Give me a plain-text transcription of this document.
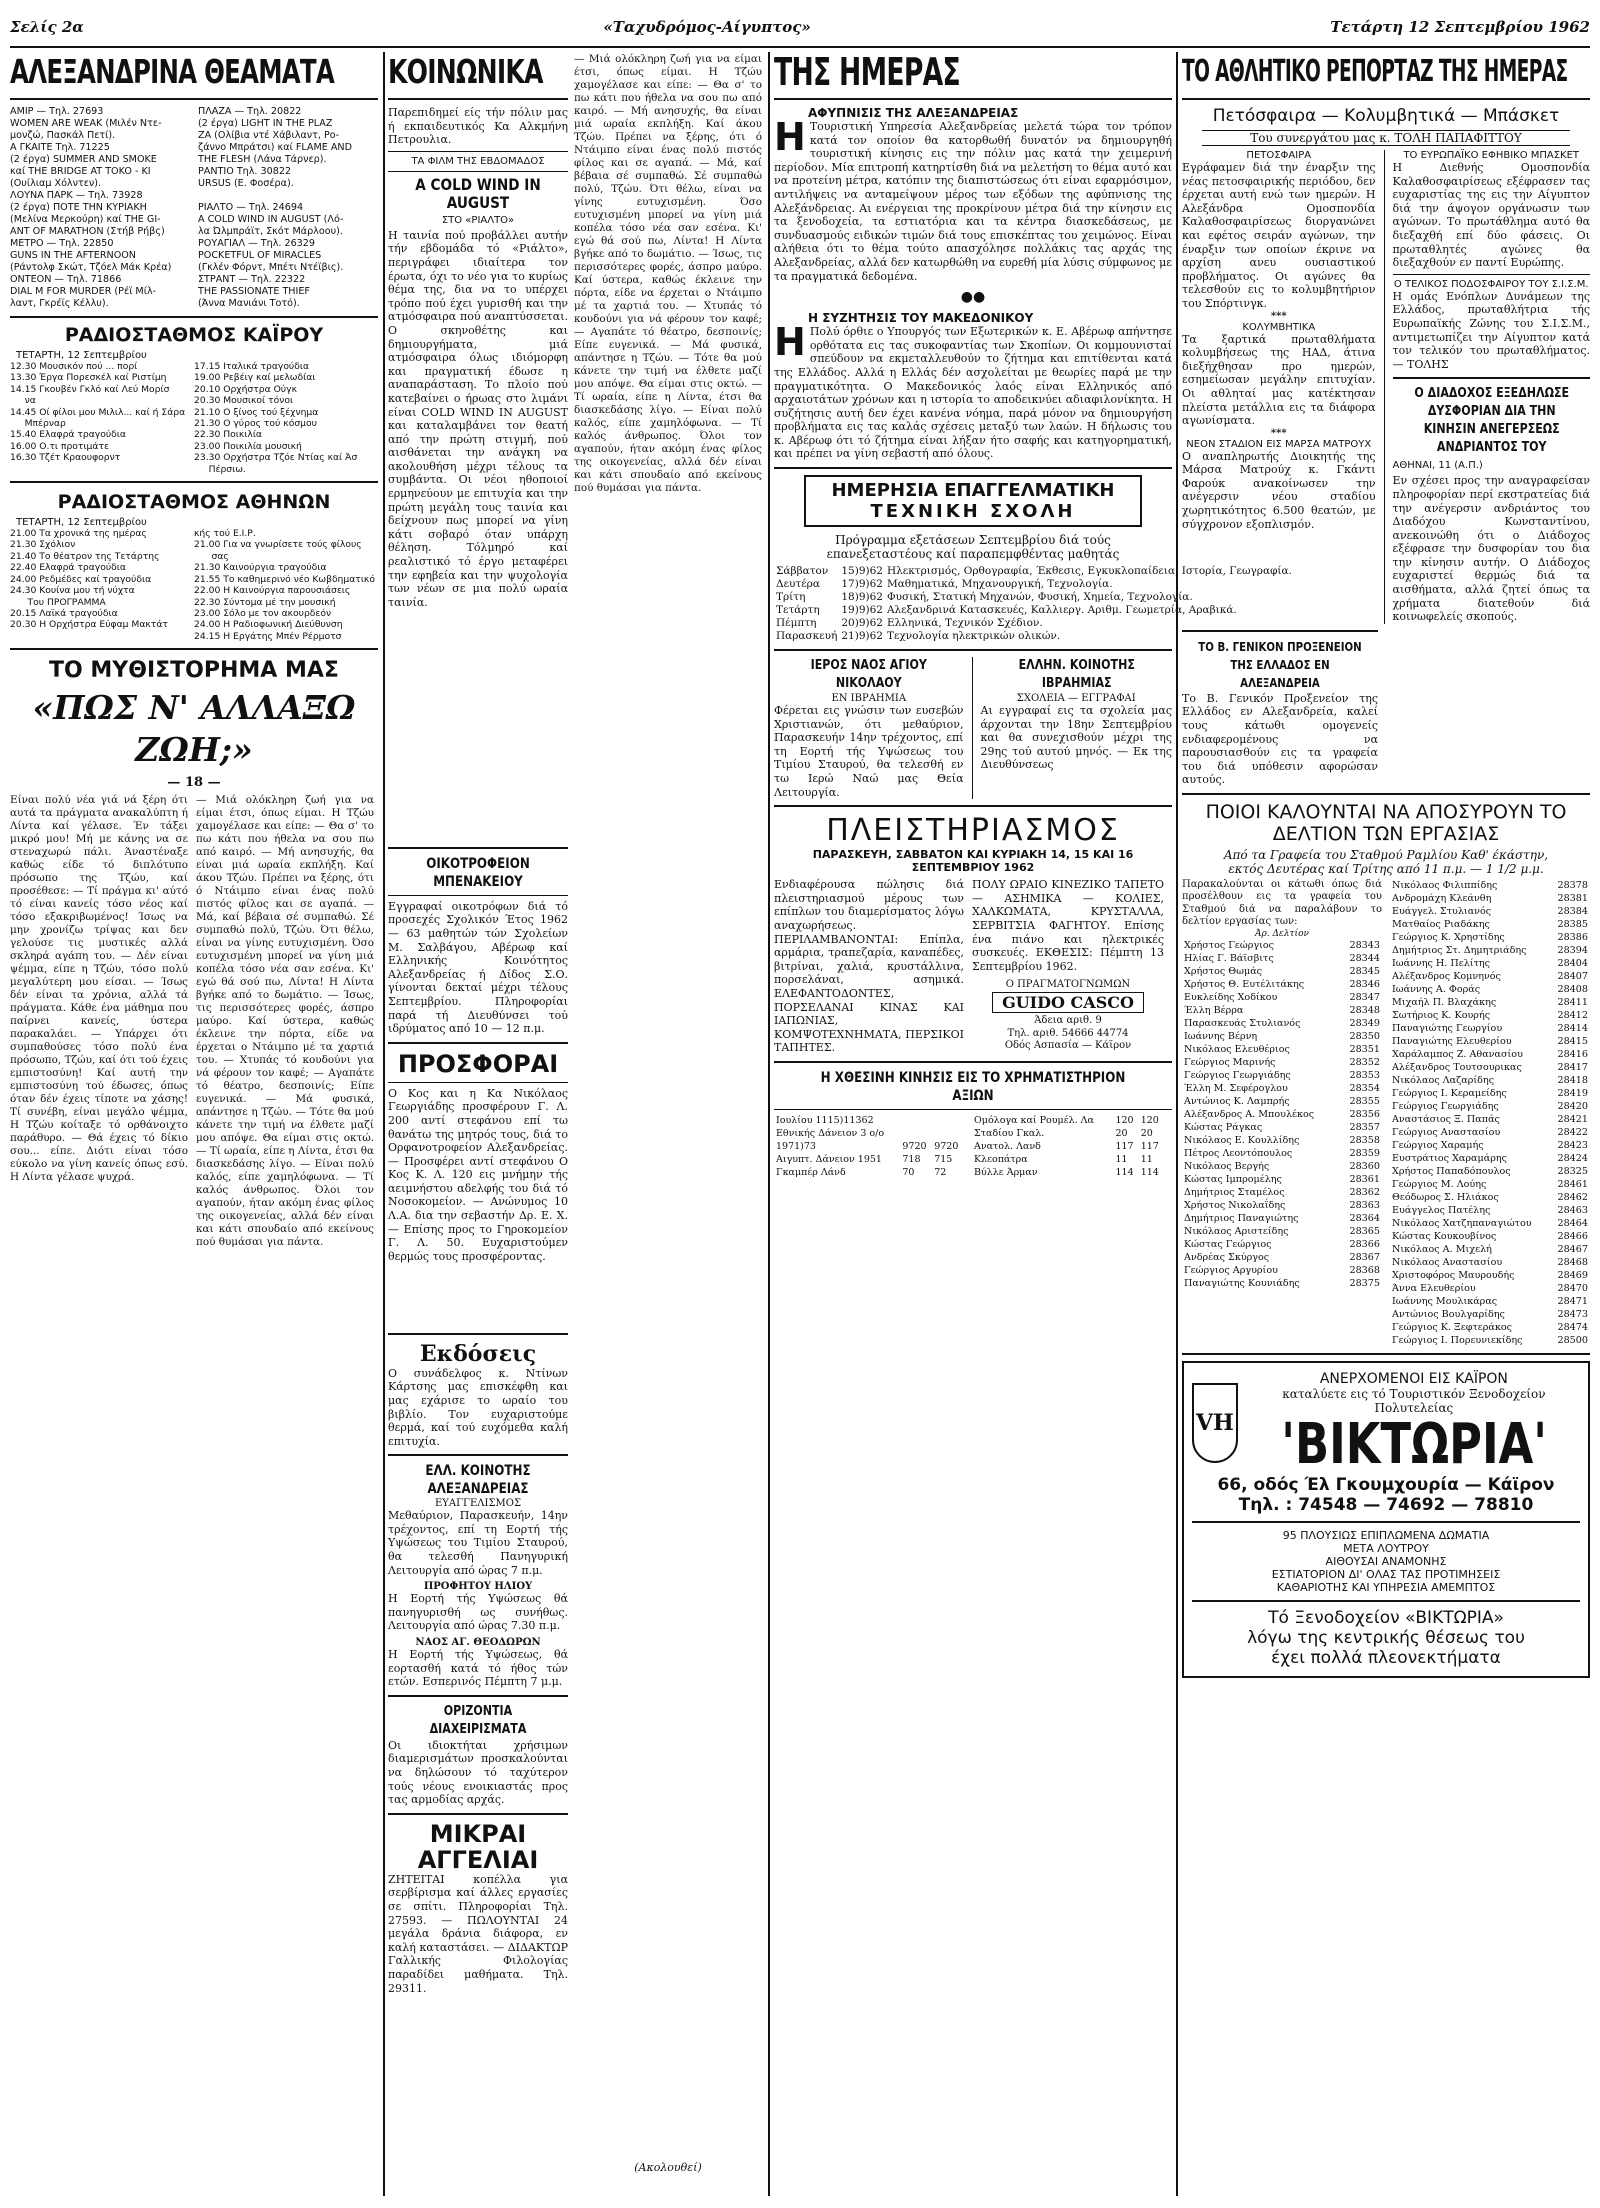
Σελίς 2α	«Ταχυδρόμος-Αίγυπτος»	Τετάρτη 12 Σεπτεμβρίου 1962
ΑΛΕΞΑΝΔΡΙΝΑ ΘΕΑΜΑΤΑ
ΑΜΙΡ — Τηλ. 27693
WOMEN ARE WEAK (Μιλέν Ντε-
μονζώ, Πασκάλ Πετί).
Α ΓΚΑΙΤΕ Τηλ. 71225
(2 έργα) SUMMER AND SMOKE
καί THE BRIDGE AT TOKO - ΚΙ
(Ουίλιαμ Χόλντεν).
ΛΟΥΝΑ ΠΑΡΚ — Τηλ. 73928
(2 έργα) ΠΟΤΕ ΤΗΝ ΚΥΡΙΑΚΗ
(Μελίνα Μερκούρη) καί THE GI-
ANT OF MARATHON (Στήβ Ρήβς)
ΜΕΤΡΟ — Τηλ. 22850
GUNS IN THE AFTERNOON
(Ράντολφ Σκώτ, Τζόελ Μάκ Κρέα)
ΟΝΤΕΟΝ — Τηλ. 71866
DIAL M FOR MURDER (Ρέϊ Μίλ-
λαντ, Γκρέϊς Κέλλυ).
ΠΛΑΖΑ — Τηλ. 20822
(2 έργα) LIGHT IN THE PLAZ
ΖΑ (Ολίβια ντέ Χάβιλαντ, Ρο-
ζάννο Μπράτσι) καί FLAME AND
THE FLESH (Λάνα Τάρνερ).
ΡΑΝΤΙΟ Τηλ. 30822
URSUS (Ε. Φοσέρα).

ΡΙΑΛΤΟ — Τηλ. 24694
A COLD WIND IN AUGUST (Λό-
λα Ώλμπράϊτ, Σκότ Μάρλοου).
ΡΟΥΑΓΙΑΛ — Τηλ. 26329
POCKETFUL OF MIRACLES
(Γκλέν Φόρντ, Μπέτι Ντέϊβις).
ΣΤΡΑΝΤ — Τηλ. 22322
THE PASSIONATE THIEF
(Άννα Μανιάνι Τοτό).
ΡΑΔΙΟΣΤΑΘΜΟΣ ΚΑΪΡΟΥ
ΤΕΤΑΡΤΗ, 12 Σεπτεμβρίου
12.30 Μουσικόν πού ... πορί
13.30 Έργα Πορεσκέλ καί Ριστίμη
14.15 Γκουβέν Γκλό καί Λεύ Μορίσ
να
14.45 Οί φίλοι μου Μιλιλ... καί ή Σάρα
Μπέρναρ
15.40 Ελαφρά τραγούδια
16.00 Ο.τι προτιμάτε
16.30 Τζέτ Κραουφορντ
17.15 Ιταλικά τραγούδια
19.00 Ρεβέιγ καί μελωδίαι
20.10 Ορχήστρα Ούγκ
20.30 Μουσικοί τόνοι
21.10 Ο ξίνος τού ξέχνημα
21.30 Ο γύρος τού κόσμου
22.30 Ποικιλία
23.00 Ποικιλία μουσική
23.30 Ορχήστρα Τζόε Ντίας καί Άσ
Πέρσιω.
ΡΑΔΙΟΣΤΑΘΜΟΣ ΑΘΗΝΩΝ
ΤΕΤΑΡΤΗ, 12 Σεπτεμβρίου
21.00 Τα χρονικά της ημέρας
21.30 Σχόλιον
21.40 Το θέατρον της Τετάρτης
22.40 Ελαφρά τραγούδια
24.00 Ρεδμέδες καί τραγούδια
24.30 Κουίνα μου τή νύχτα
Του ΠΡΟΓΡΑΜΜΑ
20.15 Λαϊκά τραγούδια
20.30 Η Ορχήστρα Εύφαμ Μακτάτ
κής τού Ε.Ι.Ρ.
21.00 Για να γνωρίσετε τούς φίλους
σας
21.30 Καινούργια τραγούδια
21.55 Το καθημερινό νέο Κωβδηματικό
22.00 Η Καινούργια παρουσιάσεις
22.30 Σύντομα μέ την μουσική
23.00 Σόλο με τον ακουρδεόν
24.00 Η Ραδιοφωνική Διεύθυνση
24.15 Η Εργάτης Μπέν Ρέρμοτσ
ΤΟ ΜΥΘΙΣΤΟΡΗΜΑ ΜΑΣ
«ΠΩΣ Ν' ΑΛΛΑΞΩ ΖΩΗ;»
— 18 —
Είναι πολύ νέα γιά νά ξέρη ότι αυτά τα πράγματα ανακαλύπτη ή Λίντα καί γέλασε. Έν τάξει μικρό μου! Μή με κάνης να σε στεναχωρώ πάλι. Άναστέναξε καθώς είδε τό διπλότυπο πρόσωπο της Τζώυ, καί προσέθεσε: — Τί πράγμα κι' αύτό τό είναι κανείς τόσο νέος καί τόσο εξακριβωμένος! Ίσως να μην χρονίζω τρίψας και δεν γελούσε τις μυστικές αλλά σκληρά αγάπη του. — Δέν είναι ψέμμα, είπε η Τζώυ, τόσο πολύ μεγαλύτερη μου είσαι. — Ίσως δέν είναι τα χρόνια, αλλά τά πράγματα. Κάθε ένα μάθημα που παίρνει κανείς, ύστερα παρακαλάει. — Υπάρχει ότι συμπαθούσες τόσο πολύ ένα πρόσωπο, Τζώυ, καί ότι τού έχεις εμπιστοσύνη! Καί αυτή την εμπιστοσύνη τού έδωσες, όπως όταν δέν έχεις τίποτε να χάσης! Τί συνέβη, είναι μεγάλο ψέμμα, Η Τζώυ κοίταξε τό ορθάνοιχτο παράθυρο. — Θά έχεις τό δίκιο σου... είπε. Διότι είναι τόσο εύκολο να γίνη κανείς όπως εσύ. Η Λίντα γέλασε ψυχρά.
— Μιά ολόκληρη ζωή για να είμαι έτσι, όπως είμαι. Η Τζώυ χαμογέλασε και είπε: — Θα σ' το πω κάτι που ήθελα να σου πω από καιρό. — Μή ανησυχής, θα είναι μιά ωραία εκπλήξη. Καί άκου Τζώυ. Πρέπει να ξέρης, ότι ό Ντάιμπο είναι ένας πολύ πιστός φίλος και σε αγαπά. — Μά, καί βέβαια σέ συμπαθώ. Σέ συμπαθώ πολύ, Τζώυ. Ότι θέλω, είναι να γίνης ευτυχισμένη. Όσο ευτυχισμένη μπορεί να γίνη μιά κοπέλα τόσο νέα σαν εσένα. Κι' εγώ θά σού πω, Λίντα! Η Λίντα βγήκε από το δωμάτιο. — Ίσως, τις περισσότερες φορές, άσπρο μαύρο. Καί ύστερα, καθώς έκλεινε την πόρτα, είδε να έρχεται ο Ντάιμπο μέ τα χαρτιά του. — Χτυπάς τό κουδούνι για νά φέρουν τον καφέ; — Αγαπάτε τό θέατρο, δεσποινίς; Είπε ευγενικά. — Μά φυσικά, απάντησε η Τζώυ. — Τότε θα μού κάνετε την τιμή να έλθετε μαζί μου απόψε. Θα είμαι στις οκτώ. — Τί ωραία, είπε η Λίντα, έτσι θα διασκεδάσης λίγο. — Είναι πολύ καλός, είπε χαμηλόφωνα. — Τί καλός άνθρωπος. Όλοι τον αγαπούν, ήταν ακόμη ένας φίλος της οικογενείας, αλλά δέν είναι και κάτι σπουδαίο από εκείνους πού θυμάσαι για πάντα.
ΚΟΙΝΩΝΙΚΑ
Παρεπιδημεί είς τήν πόλιν μας ή εκπαιδευτικός Κα Αλκμήνη Πετρουλια.
ΤΑ ΦΙΛΜ ΤΗΣ ΕΒΔΟΜΑΔΟΣ
A COLD WIND IN AUGUST
ΣΤΟ «ΡΙΑΛΤΟ»
Η ταινία πού προβάλλει αυτήν τήν εβδομάδα τό «Ριάλτο», περιγράφει ιδιαίτερα τον έρωτα, όχι το νέο για το κυρίως θέμα της, δια να το υπέρχει τρόπο πού έχει γυρισθή και την ατμόσφαιρα πού αναπτύσσεται. Ο σκηνοθέτης και δημιουργήματα, μιά ατμόσφαιρα όλως ιδιόμορφη και πραγματική έδωσε η αναπαράσταση. Το πλοίο πού κατεβαίνει ο ήρωας στο λιμάνι είναι COLD WIND IN AUGUST και καταλαμβάνει τον θεατή από την πρώτη στιγμή, πού αισθάνεται την ανάγκη να ακολουθήση μέχρι τέλους τα συμβάντα. Οι νέοι ηθοποιοί ερμηνεύουν με επιτυχία και την πρώτη μεγάλη τους ταινία και δείχνουν πως μπορεί να γίνη κάτι σοβαρό όταν υπάρχη θέληση. Τόλμηρό καί ρεαλιστικό τό έργο μεταφέρει την εφηβεία και την ψυχολογία των νέων σε μια πολύ ωραία ταινία.
ΟΙΚΟΤΡΟΦΕΙΟΝ ΜΠΕΝΑΚΕΙΟΥ
Εγγραφαί οικοτρόφων διά τό προσεχές Σχολικόν Έτος 1962 — 63 μαθητών τών Σχολείων Μ. Σαλβάγου, Αβέρωφ καί Ελληνικής Κοινότητος Αλεξανδρείας ή Δίδος Σ.Ο. γίνονται δεκταί μέχρι τέλους Σεπτεμβρίου. Πληροφορίαι παρά τή Διευθύνσει τού ιδρύματος από 10 — 12 π.μ.
ΠΡΟΣΦΟΡΑΙ
Ο Κος και η Κα Νικόλαος Γεωργιάδης προσφέρουν Γ. Λ. 200 αντί στεφάνου επί τω θανάτω της μητρός τους, διά το Ορφανοτροφείον Αλεξανδρείας. — Προσφέρει αντί στεφάνου Ο Κος Κ. Λ. 120 εις μνήμην τής αειμνήστου αδελφής του διά τό Νοσοκομείον. — Ανώνυμος 10 Λ.Α. δια την σεβαστήν Δρ. Ε. Χ. — Επίσης προς το Γηροκομείον Γ. Λ. 50. Ευχαριστούμεν θερμώς τους προσφέροντας.
Εκδόσεις
Ο συνάδελφος κ. Ντίνων Κάρτσης μας επισκέφθη και μας εχάρισε το ωραίο του βιβλίο. Τον ευχαριστούμε θερμά, καί τού ευχόμεθα καλή επιτυχία.
ΕΛΛ. ΚΟΙΝΟΤΗΣ ΑΛΕΞΑΝΔΡΕΙΑΣ
ΕΥΑΓΓΕΛΙΣΜΟΣ
Μεθαύριον, Παρασκευήν, 14ην τρέχοντος, επί τη Εορτή τής Υψώσεως του Τιμίου Σταυρού, θα τελεσθή Πανηγυρική Λειτουργία από ώρας 7 π.μ.
ΠΡΟΦΗΤΟΥ ΗΛΙΟΥ
Η Εορτή τής Υψώσεως θά πανηγυρισθή ως συνήθως. Λειτουργία από ώρας 7.30 π.μ.
ΝΑΟΣ ΑΓ. ΘΕΟΔΩΡΩΝ
Η Εορτή τής Υψώσεως, θά εορτασθή κατά τό ήθος τών ετών. Εσπερινός Πέμπτη 7 μ.μ.
ΟΡΙΖΟΝΤΙΑ ΔΙΑΧΕΙΡΙΣΜΑΤΑ
Οι ιδιοκτήται χρήσιμων διαμερισμάτων προσκαλούνται να δηλώσουν τό ταχύτερον τούς νέους ενοικιαστάς προς τας αρμοδίας αρχάς.
ΜΙΚΡΑΙ ΑΓΓΕΛΙΑΙ
ΖΗΤΕΙΤΑΙ κοπέλλα για σερβίρισμα καί άλλες εργασίες σε σπίτι. Πληροφορίαι Τηλ. 27593. — ΠΩΛΟΥΝΤΑΙ 24 μεγάλα δράνια διάφορα, εν καλή καταστάσει. — ΔΙΔΑΚΤΩΡ Γαλλικής Φιλολογίας παραδίδει μαθήματα. Τηλ. 29311.
— Μιά ολόκληρη ζωή για να είμαι έτσι, όπως είμαι. Η Τζώυ χαμογέλασε και είπε: — Θα σ' το πω κάτι που ήθελα να σου πω από καιρό. — Μή ανησυχής, θα είναι μιά ωραία εκπλήξη. Καί άκου Τζώυ. Πρέπει να ξέρης, ότι ό Ντάιμπο είναι ένας πολύ πιστός φίλος και σε αγαπά. — Μά, καί βέβαια σέ συμπαθώ. Σέ συμπαθώ πολύ, Τζώυ. Ότι θέλω, είναι να γίνης ευτυχισμένη. Όσο ευτυχισμένη μπορεί να γίνη μιά κοπέλα τόσο νέα σαν εσένα. Κι' εγώ θά σού πω, Λίντα! Η Λίντα βγήκε από το δωμάτιο. — Ίσως, τις περισσότερες φορές, άσπρο μαύρο. Καί ύστερα, καθώς έκλεινε την πόρτα, είδε να έρχεται ο Ντάιμπο μέ τα χαρτιά του. — Χτυπάς τό κουδούνι για νά φέρουν τον καφέ; — Αγαπάτε τό θέατρο, δεσποινίς; Είπε ευγενικά. — Μά φυσικά, απάντησε η Τζώυ. — Τότε θα μού κάνετε την τιμή να έλθετε μαζί μου απόψε. Θα είμαι στις οκτώ. — Τί ωραία, είπε η Λίντα, έτσι θα διασκεδάσης λίγο. — Είναι πολύ καλός, είπε χαμηλόφωνα. — Τί καλός άνθρωπος. Όλοι τον αγαπούν, ήταν ακόμη ένας φίλος της οικογενείας, αλλά δέν είναι και κάτι σπουδαίο από εκείνους πού θυμάσαι για πάντα.
(Ακολουθεί)
ΤΗΣ ΗΜΕΡΑΣ
ΑΦΥΠΝΙΣΙΣ ΤΗΣ ΑΛΕΞΑΝΔΡΕΙΑΣ
Η Τουριστική Υπηρεσία Αλεξανδρείας μελετά τώρα τον τρόπον κατά τον οποίον θα κατορθωθή δυνατόν να δημιουργηθή τουριστική κίνησις εις την πόλιν μας κατά την χειμερινή περίοδον. Μία επιτροπή κατηρτίσθη διά να μελετήση το θέμα αυτό και να προτείνη μέτρα, κατόπιν της διαπιστώσεως ότι είναι εφαρμόσιμον, αντιλήψεις να ανταμείψουν μέρος των εξόδων της αφύπνισης της Αλεξάνδρειας. Αι ενέργειαι της προκρίνουν μέτρα διά την κίνησιν εις τα ξενοδοχεία, τα εστιατόρια και τα κέντρα διασκεδάσεως, με συνδυασμούς ειδικών τιμών διά τους επισκέπτας του χειμώνος. Είναι αλήθεια ότι το θέμα τούτο απασχόλησε πολλάκις τας αρχάς της Αλεξανδρείας, αλλά δεν κατωρθώθη να ευρεθή μία λύσις σύμφωνος με τα πραγματικά δεδομένα.
●●
Η ΣΥΖΗΤΗΣΙΣ ΤΟΥ ΜΑΚΕΔΟΝΙΚΟΥ
Η Πολύ όρθιε ο Υπουργός των Εξωτερικών κ. Ε. Αβέρωφ απήντησε ορθότατα εις τας συκοφαντίας των Σκοπίων. Οι κομμουνισταί σπεύδουν να εκμεταλλευθούν το ζήτημα και επιτίθενται κατά της Ελλάδος. Αλλά η Ελλάς δέν ασχολείται με θεωρίες παρά με την πραγματικότητα. Ο Μακεδονικός λαός είναι Ελληνικός από αρχαιοτάτων χρόνων και η ιστορία το αποδεικνύει αδιαφιλονίκητα. Η συζήτησις αυτή δεν έχει κανένα νόημα, παρά μόνον να δημιουργήση προβλήματα εις τας καλάς σχέσεις μεταξύ των λαών. Η δήλωσις του κ. Αβέρωφ ότι τό ζήτημα είναι λήξαν ήτο σαφής και κατηγορηματική, και πρέπει να γίνη σεβαστή από όλους.
ΗΜΕΡΗΣΙΑ ΕΠΑΓΓΕΛΜΑΤΙΚΗ
ΤΕΧΝΙΚΗ ΣΧΟΛΗ
Πρόγραμμα εξετάσεων Σεπτεμβρίου διά τούς επανεξεταστέους καί παραπεμφθέντας μαθητάς
Σάββατον	15)9)62	Ηλεκτρισμός, Ορθογραφία, Έκθεσις, Εγκυκλοπαίδεια, Ιστορία, Γεωγραφία.
Δευτέρα	17)9)62	Μαθηματικά, Μηχανουργική, Τεχνολογία.
Τρίτη	18)9)62	Φυσική, Στατική Μηχανών, Φυσική, Χημεία, Τεχνολογία.
Τετάρτη	19)9)62	Αλεξανδρινά Κατασκευές, Καλλιεργ. Αριθμ. Γεωμετρία, Αραβικά.
Πέμπτη	20)9)62	Ελληνικά, Τεχνικόν Σχέδιον.
Παρασκευή	21)9)62	Τεχνολογία ηλεκτρικών ολικών.
ΙΕΡΟΣ ΝΑΟΣ ΑΓΙΟΥ ΝΙΚΟΛΑΟΥ
ΕΝ ΙΒΡΑΗΜΙΑ
Φέρεται εις γνώσιν των ευσεβών Χριστιανών, ότι μεθαύριον, Παρασκευήν 14ην τρέχοντος, επί τη Εορτή τής Υψώσεως του Τιμίου Σταυρού, θα τελεσθή εν τω Ιερώ Ναώ μας Θεία Λειτουργία.
ΕΛΛΗΝ. ΚΟΙΝΟΤΗΣ ΙΒΡΑΗΜΙΑΣ
ΣΧΟΛΕΙΑ — ΕΓΓΡΑΦΑΙ
Αι εγγραφαί εις τα σχολεία μας άρχονται την 18ην Σεπτεμβρίου και θα συνεχισθούν μέχρι της 29ης τού αυτού μηνός. — Εκ της Διευθύνσεως
ΠΛΕΙΣΤΗΡΙΑΣΜΟΣ
ΠΑΡΑΣΚΕΥΗ, ΣΑΒΒΑΤΟΝ ΚΑΙ ΚΥΡΙΑΚΗ 14, 15 ΚΑΙ 16 ΣΕΠΤΕΜΒΡΙΟΥ 1962
Ενδιαφέρουσα πώλησις διά πλειστηριασμού μέρους των επίπλων του διαμερίσματος λόγω αναχωρήσεως. ΠΕΡΙΛΑΜΒΑΝΟΝΤΑΙ: Επίπλα, αρμάρια, τραπεζαρία, καναπέδες, βιτρίναι, χαλιά, κρυστάλλινα, πορσελάναι, ασημικά. ΕΛΕΦΑΝΤΟΔΟΝΤΕΣ, ΠΟΡΣΕΛΑΝΑΙ ΚΙΝΑΣ ΚΑΙ ΙΑΠΩΝΙΑΣ, ΚΟΜΨΟΤΕΧΝΗΜΑΤΑ, ΠΕΡΣΙΚΟΙ ΤΑΠΗΤΕΣ.
ΠΟΛΥ ΩΡΑΙΟ ΚΙΝΕΖΙΚΟ ΤΑΠΕΤΟ — ΑΣΗΜΙΚΑ — ΚΟΛΙΕΣ, ΧΑΛΚΩΜΑΤΑ, ΚΡΥΣΤΑΛΛΑ, ΣΕΡΒΙΤΣΙΑ ΦΑΓΗΤΟΥ. Επίσης ένα πιάνο και ηλεκτρικές συσκευές. ΕΚΘΕΣΙΣ: Πέμπτη 13 Σεπτεμβρίου 1962.
Ο ΠΡΑΓΜΑΤΟΓΝΩΜΩΝ
GUIDO CASCO
Άδεια αριθ. 9
Τηλ. αριθ. 54666 44774
Oδός Ασπασία — Κάϊρον
Η ΧΘΕΣΙΝΗ ΚΙΝΗΣΙΣ ΕΙΣ ΤΟ ΧΡΗΜΑΤΙΣΤΗΡΙΟΝ ΑΞΙΩΝ
Ιουλίου 1115)11362		
Εθνικής Δάνειον 3 ο/ο		
1971)73	9720	9720
Αιγυπτ. Δάνειον 1951	718	715
Γκαμπέρ Λάνδ	70	72
Ομόλογα καί Ρουμέλ. Λα	120	120
Σταδίου Γκαλ.	20	20
Ανατολ. Λανδ	117	117
Κλεοπάτρα	11	11
Βύλλε Άρμαν	114	114
ΤΟ ΑΘΛΗΤΙΚΟ ΡΕΠΟΡΤΑΖ ΤΗΣ ΗΜΕΡΑΣ
Πετόσφαιρα — Κολυμβητικά — Μπάσκετ
Του συνεργάτου μας κ. ΤΟΛΗ ΠΑΠΑΦΙΤΤΟΥ
ΠΕΤΟΣΦΑΙΡΑ
Εγράφαμεν διά την έναρξιν της νέας πετοσφαιρικής περιόδου, δεν έρχεται αυτή ενώ των ημερών. Η Αλεξάνδρα Ομοσπονδία Καλαθοσφαιρίσεως διοργανώνει και εφέτος σειράν αγώνων, την έναρξιν των οποίων έκρινε να αρχίση ανευ ουσιαστικού προβλήματος. Οι αγώνες θα τελεσθούν εις το κολυμβητήριον του Σπόρτινγκ.
***
ΚΟΛΥΜΒΗΤΙΚΑ
Τα ξαρτικά πρωταθλήματα κολυμβήσεως της ΗΑΔ, άτινα διεξήχθησαν προ ημερών, εσημείωσαν μεγάλην επιτυχίαν. Οι αθληταί μας κατέκτησαν πλείστα μετάλλια εις τα διάφορα αγωνίσματα.
***
ΝΕΟΝ ΣΤΑΔΙΟΝ ΕΙΣ ΜΑΡΣΑ ΜΑΤΡΟΥΧ
Ο αναπληρωτής Διοικητής της Μάρσα Ματρούχ κ. Γκάντι Φαρούκ ανακοίνωσεν την ανέγερσιν νέου σταδίου χωρητικότητος 6.500 θεατών, με σύγχρονον εξοπλισμόν.
ΤΟ ΕΥΡΩΠΑΪΚΟ ΕΦΗΒΙΚΟ ΜΠΑΣΚΕΤ
Η Διεθνής Ομοσπονδία Καλαθοσφαιρίσεως εξέφρασεν τας ευχαριστίας της εις την Αίγυπτον διά την άψογον οργάνωσιν των αγώνων. Το πρωτάθλημα αυτό θα διεξαχθή επί δύο φάσεις. Οι πρωταθλητές αγώνες θα διεξαχθούν εν παντί Ευρώπης.
Ο ΤΕΛΙΚΟΣ ΠΟΔΟΣΦΑΙΡΟΥ ΤΟΥ Σ.Ι.Σ.Μ.
Η ομάς Ενόπλων Δυνάμεων της Ελλάδος, πρωταθλήτρια τής Ευρωπαϊκής Ζώνης του Σ.Ι.Σ.Μ., αντιμετωπίζει την Αίγυπτον κατά τον τελικόν του πρωταθλήματος. — ΤΟΛΗΣ
Ο ΔΙΑΔΟΧΟΣ ΕΞΕΔΗΛΩΣΕ ΔΥΣΦΟΡΙΑΝ ΔΙΑ ΤΗΝ ΚΙΝΗΣΙΝ ΑΝΕΓΕΡΣΕΩΣ ΑΝΔΡΙΑΝΤΟΣ ΤΟΥ
ΑΘΗΝΑΙ, 11 (Α.Π.)
Εν σχέσει προς την αναγραφείσαν πληροφορίαν περί εκστρατείας διά την ανέγερσιν ανδριάντος του Διαδόχου Κωνσταντίνου, ανεκοινώθη ότι ο Διάδοχος εξέφρασε την δυσφορίαν του δια την κίνησιν αυτήν. Ο Διάδοχος ευχαριστεί θερμώς διά τα αισθήματα, αλλά ζητεί όπως τα χρήματα διατεθούν διά κοινωφελείς σκοπούς.
ΤΟ Β. ΓΕΝΙΚΟΝ ΠΡΟΞΕΝΕΙΟΝ ΤΗΣ ΕΛΛΑΔΟΣ ΕΝ ΑΛΕΞΑΝΔΡΕΙΑ
Το Β. Γενικόν Προξενείον της Ελλάδος εν Αλεξανδρεία, καλεί τους κάτωθι ομογενείς ενδιαφερομένους να παρουσιασθούν εις τα γραφεία του διά υπόθεσιν αφορώσαν αυτούς.
ΠΟΙΟΙ ΚΑΛΟΥΝΤΑΙ ΝΑ ΑΠΟΣΥΡΟΥΝ ΤΟ ΔΕΛΤΙΟΝ ΤΩΝ ΕΡΓΑΣΙΑΣ
Από τα Γραφεία του Σταθμού Ραμλίου Καθ' έκάστην, εκτός Δευτέρας καί Τρίτης από 11 π.μ. — 1 1/2 μ.μ.
Παρακαλούνται οι κάτωθι όπως διά προσέλθουν εις τα γραφεία του Σταθμού διά να παραλάβουν το δελτίον εργασίας των:
Άρ. Δελτίον
Χρήστος Γεώργιος	28343
Ηλίας Γ. Βάϊσβιτς	28344
Χρήστος Θωμάς	28345
Χρήστος Θ. Ευτέλιτάκης	28346
Ευκλείδης Χοδίκου	28347
Έλλη Βέρρα	28348
Παρασκευάς Στυλιανός	28349
Ιωάννης Βέρνη	28350
Νικόλαος Ελευθέριος	28351
Γεώργιος Μαρινής	28352
Γεώργιος Γεωργιάδης	28353
Έλλη Μ. Σεφέρογλου	28354
Αντώνιος Κ. Λαμπρής	28355
Αλέξανδρος Α. Μπουλέκος	28356
Κώστας Ράγκας	28357
Νικόλαος Ε. Κουλλίδης	28358
Πέτρος Λεοντόπουλος	28359
Νικόλαος Βεργής	28360
Κώστας Ιμπρομέλης	28361
Δημήτριος Σταμέλος	28362
Χρήστος Νικολαΐδης	28363
Δημήτριος Παναγιώτης	28364
Νικόλαος Αριστείδης	28365
Κώστας Γεώργιος	28366
Ανδρέας Σκύργος	28367
Γεώργιος Αργυρίου	28368
Παναγιώτης Κουνιάδης	28375
Νικόλαος Φιλιππίδης	28378
Ανδρομάχη Κλεάνθη	28381
Ευάγγελ. Στυλιανός	28384
Ματθαίος Ριαδάκης	28385
Γεώργιος Κ. Χρηστίδης	28386
Δημήτριος Στ. Δημητριάδης	28394
Ιωάννης Η. Πελίτης	28404
Αλέξανδρος Κομνηνός	28407
Ιωάννης Α. Φοράς	28408
Μιχαήλ Π. Βλαχάκης	28411
Σωτήριος Κ. Κουρής	28412
Παναγιώτης Γεωργίου	28414
Παναγιώτης Ελευθερίου	28415
Χαράλαμπος Ζ. Αθανασίου	28416
Αλέξανδρος Τουτσουρικας	28417
Νικόλαος Λαζαρίδης	28418
Γεώργιος Ι. Κεραμείδης	28419
Γεώργιος Γεωργιάδης	28420
Αναστάσιος Ξ. Παπάς	28421
Γεώργιος Αναστασίου	28422
Γεώργιος Χαραμής	28423
Ευστράτιος Χαραμάρης	28424
Χρήστος Παπαδόπουλος	28325
Γεώργιος Μ. Λούης	28461
Θεόδωρος Σ. Ηλιάκος	28462
Ευάγγελος Πατέλης	28463
Νικόλαος Χατζηπαναγιώτου	28464
Κώστας Κουκουβίνος	28466
Νικόλαος Α. Μιχελή	28467
Νικόλαος Αναστασίου	28468
Χριστοφόρος Μαυρουδής	28469
Άννα Ελευθερίου	28470
Ιωάννης Μουλικάρας	28471
Αντώνιος Βουλγαρίδης	28473
Γεώργιος Κ. Ξεφτεράκος	28474
Γεώργιος Ι. Πορευνιεκίδης	28500
VH
ΑΝΕΡΧΟΜΕΝΟΙ ΕΙΣ ΚΑΪΡΟΝ
καταλύετε εις τό Τουριστικόν Ξενοδοχείον Πολυτελείας
'ΒΙΚΤΩΡΙΑ'
66, οδός Έλ Γκουμχουρία — Κάϊρον
Τηλ. : 74548 — 74692 — 78810
95 ΠΛΟΥΣΙΩΣ ΕΠΙΠΛΩΜΕΝΑ ΔΩΜΑΤΙΑ
ΜΕΤΑ ΛΟΥΤΡΟΥ
ΑΙΘΟΥΣΑΙ ΑΝΑΜΟΝΗΣ
ΕΣΤΙΑΤΟΡΙΟΝ ΔΙ' ΟΛΑΣ ΤΑΣ ΠΡΟΤΙΜΗΣΕΙΣ
ΚΑΘΑΡΙΟΤΗΣ ΚΑΙ ΥΠΗΡΕΣΙΑ ΑΜΕΜΠΤΟΣ
Τό Ξενοδοχείον «ΒΙΚΤΩΡΙΑ»
λόγω της κεντρικής θέσεως του
έχει πολλά πλεονεκτήματα
